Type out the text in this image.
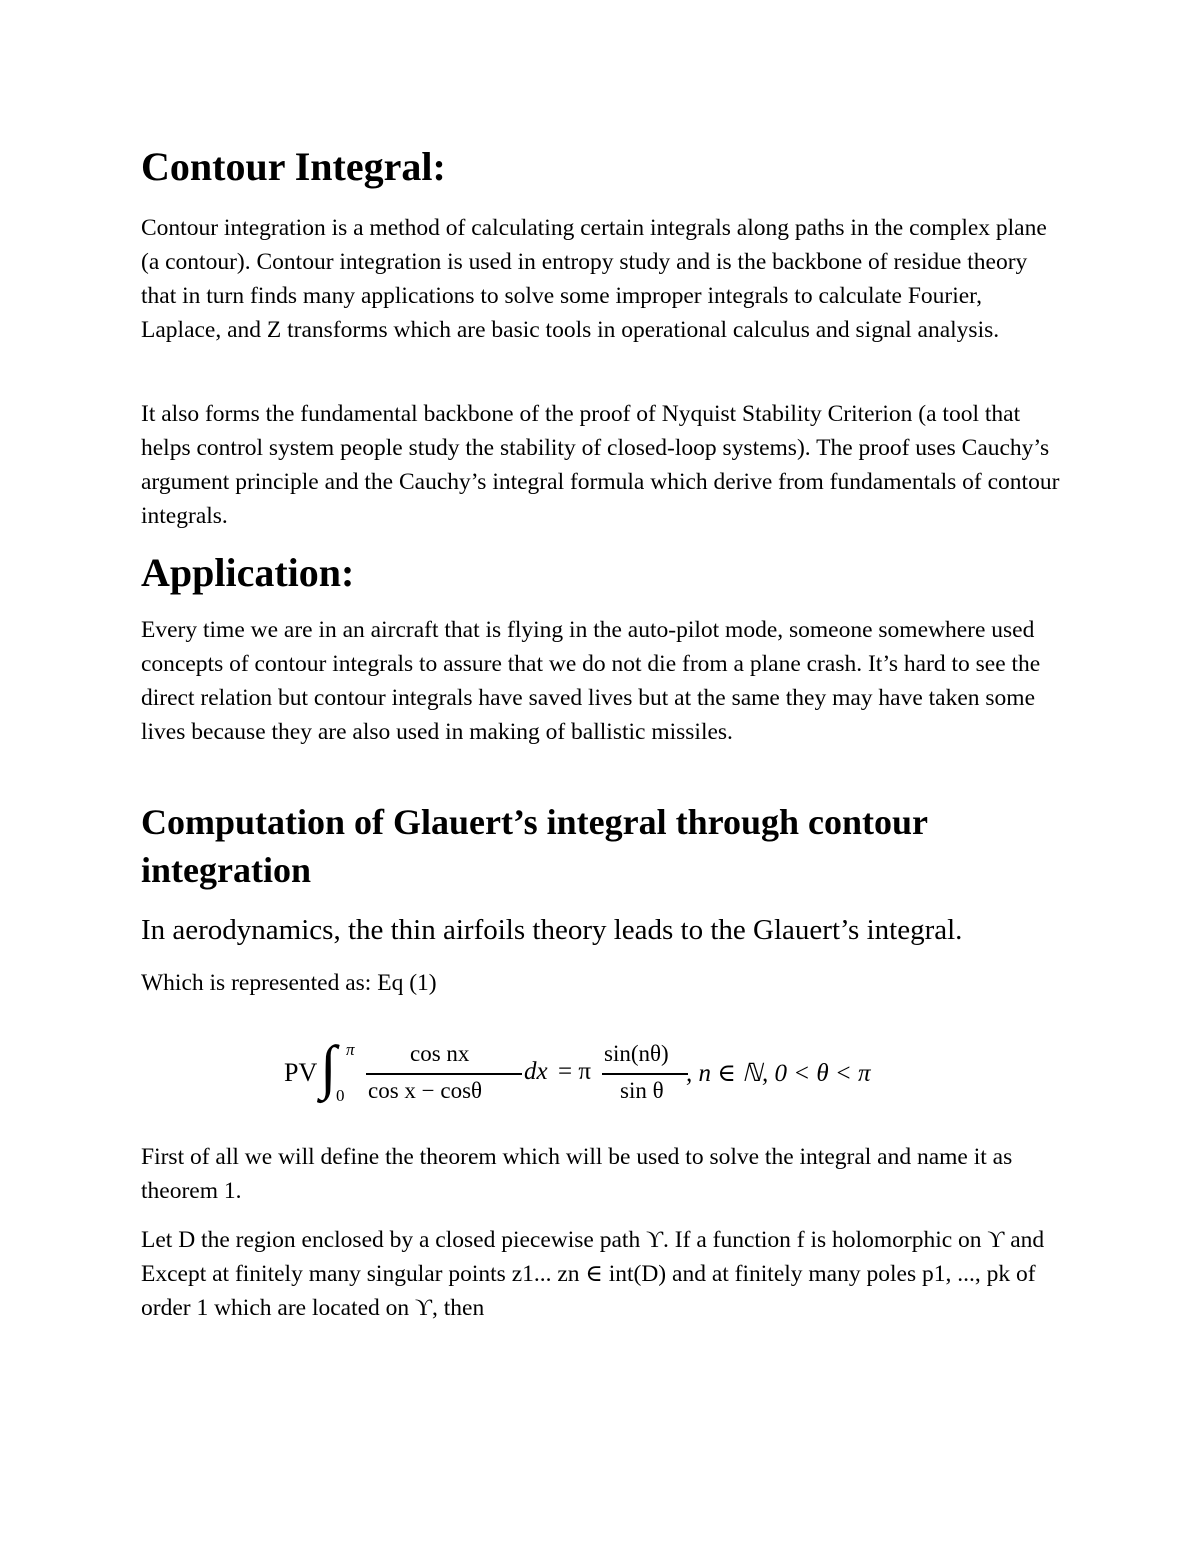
Contour Integral:

Contour integration is a method of calculating certain integrals along paths in the complex plane (a contour). Contour integration is used in entropy study and is the backbone of residue theory that in turn finds many applications to solve some improper integrals to calculate Fourier, Laplace, and Z transforms which are basic tools in operational calculus and signal analysis.

It also forms the fundamental backbone of the proof of Nyquist Stability Criterion (a tool that helps control system people study the stability of closed-loop systems). The proof uses Cauchy’s argument principle and the Cauchy’s integral formula which derive from fundamentals of contour integrals.

Application:

Every time we are in an aircraft that is flying in the auto-pilot mode, someone somewhere used concepts of contour integrals to assure that we do not die from a plane crash. It’s hard to see the direct relation but contour integrals have saved lives but at the same they may have taken some lives because they are also used in making of ballistic missiles.

Computation of Glauert’s integral through contour integration

In aerodynamics, the thin airfoils theory leads to the Glauert’s integral.

Which is represented as: Eq (1)

First of all we will define the theorem which will be used to solve the integral and name it as theorem 1.

Let D the region enclosed by a closed piecewise path ϒ. If a function f is holomorphic on ϒ and Except at finitely many singular points z1... zn ∈ int(D) and at finitely many poles p1, ..., pk of order 1 which are located on ϒ, then

PV ∫ π
0
cos nx
cos x − cosθ
dx = π
sin(nθ)
sin θ
, n ∈ ℕ, 0 < θ < π
